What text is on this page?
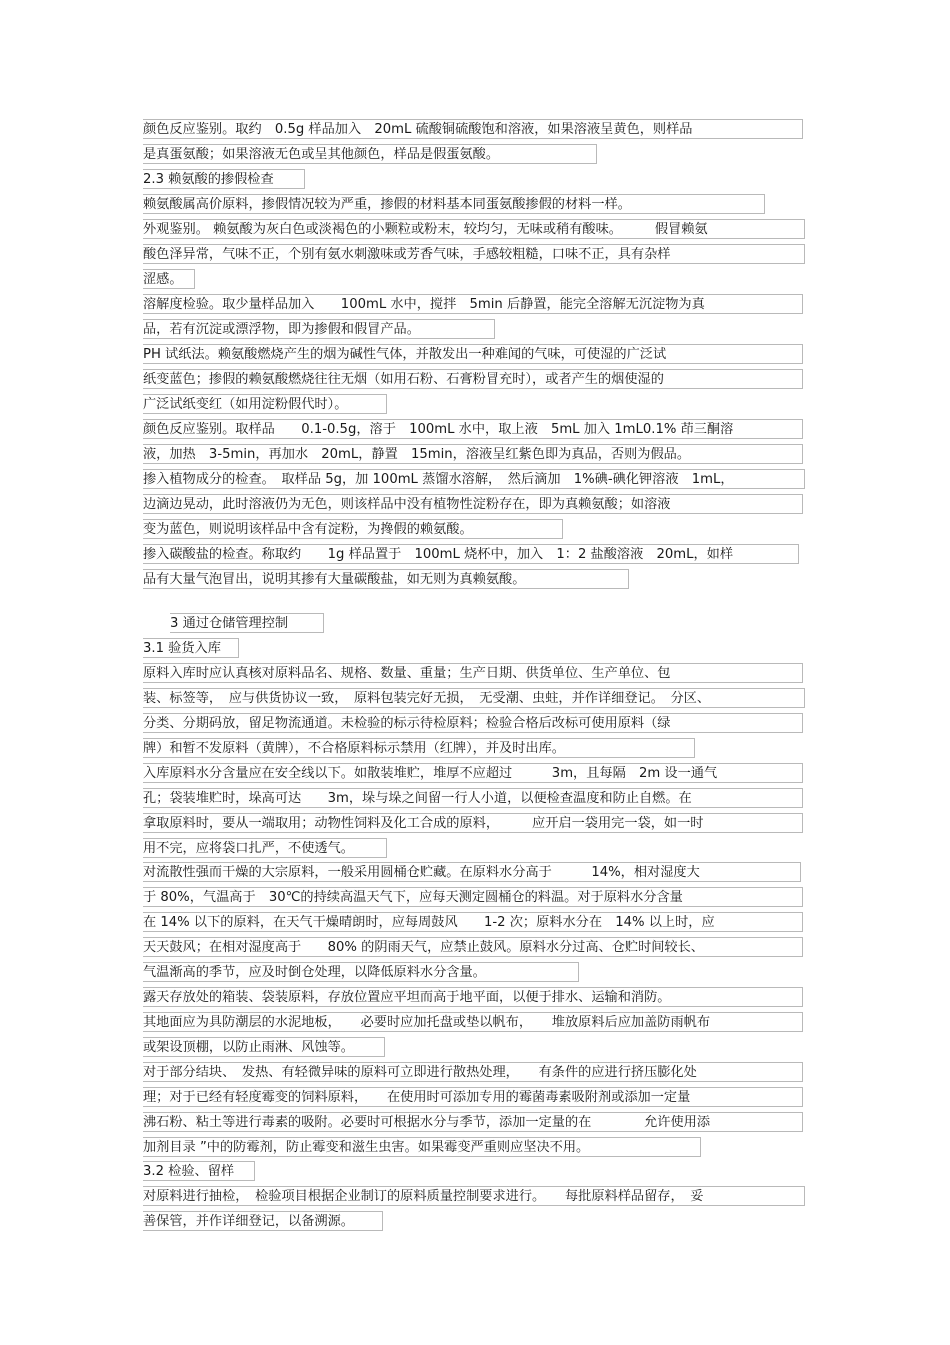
颜色反应鉴别。取约　0.5g 样品加入　20mL 硫酸铜硫酸饱和溶液，如果溶液呈黄色，则样品
是真蛋氨酸；如果溶液无色或呈其他颜色，样品是假蛋氨酸。
2.3 赖氨酸的掺假检查
赖氨酸属高价原料，掺假情况较为严重，掺假的材料基本同蛋氨酸掺假的材料一样。
外观鉴别。 赖氨酸为灰白色或淡褐色的小颗粒或粉末，较均匀，无味或稍有酸味。　　　假冒赖氨
酸色泽异常，气味不正，个别有氨水刺激味或芳香气味，手感较粗糙，口味不正，具有杂样
涩感。
溶解度检验。取少量样品加入　　100mL 水中，搅拌　5min 后静置，能完全溶解无沉淀物为真
品，若有沉淀或漂浮物，即为掺假和假冒产品。
PH 试纸法。赖氨酸燃烧产生的烟为碱性气体，并散发出一种难闻的气味，可使湿的广泛试
纸变蓝色；掺假的赖氨酸燃烧往往无烟（如用石粉、石膏粉冒充时），或者产生的烟使湿的
广泛试纸变红（如用淀粉假代时）。
颜色反应鉴别。取样品　　0.1-0.5g，溶于　100mL 水中，取上液　5mL 加入 1mL0.1% 茚三酮溶
液，加热　3-5min，再加水　20mL，静置　15min，溶液呈红紫色即为真品，否则为假品。
掺入植物成分的检查。　取样品 5g，加 100mL 蒸馏水溶解，　然后滴加　1%碘-碘化钾溶液　1mL，
边滴边晃动，此时溶液仍为无色，则该样品中没有植物性淀粉存在，即为真赖氨酸；如溶液
变为蓝色，则说明该样品中含有淀粉，为搀假的赖氨酸。
掺入碳酸盐的检查。称取约　　1g 样品置于　100mL 烧杯中，加入　1：2 盐酸溶液　20mL，如样
品有大量气泡冒出，说明其掺有大量碳酸盐，如无则为真赖氨酸。
3 通过仓储管理控制
3.1 验货入库
原料入库时应认真核对原料品名、规格、数量、重量；生产日期、供货单位、生产单位、包
装、标签等，　应与供货协议一致，　原料包装完好无损，　无受潮、虫蛀，并作详细登记。　分区、
分类、分期码放，留足物流通道。未检验的标示待检原料；检验合格后改标可使用原料（绿
牌）和暂不发原料（黄牌），不合格原料标示禁用（红牌），并及时出库。
入库原料水分含量应在安全线以下。如散装堆贮，堆厚不应超过　　　3m，且每隔　2m 设一通气
孔；袋装堆贮时，垛高可达　　3m，垛与垛之间留一行人小道，以便检查温度和防止自燃。在
拿取原料时，要从一端取用；动物性饲料及化工合成的原料，　　　应开启一袋用完一袋，如一时
用不完，应将袋口扎严，不使透气。
对流散性强而干燥的大宗原料，一般采用圆桶仓贮藏。在原料水分高于　　　14%，相对湿度大
于 80%，气温高于　30℃的持续高温天气下，应每天测定圆桶仓的料温。对于原料水分含量
在 14% 以下的原料，在天气干燥晴朗时，应每周鼓风　　1-2 次；原料水分在　14% 以上时，应
天天鼓风；在相对湿度高于　　80% 的阴雨天气，应禁止鼓风。原料水分过高、仓贮时间较长、
气温渐高的季节，应及时倒仓处理，以降低原料水分含量。
露天存放处的箱装、袋装原料，存放位置应平坦而高于地平面，以便于排水、运输和消防。
其地面应为具防潮层的水泥地板，　　必要时应加托盘或垫以帆布，　　堆放原料后应加盖防雨帆布
或架设顶棚，以防止雨淋、风蚀等。
对于部分结块、　发热、有轻微异味的原料可立即进行散热处理，　　有条件的应进行挤压膨化处
理；对于已经有轻度霉变的饲料原料，　　在使用时可添加专用的霉菌毒素吸附剂或添加一定量
沸石粉、粘土等进行毒素的吸附。必要时可根据水分与季节，添加一定量的在　　　　允许使用添
加剂目录 ”中的防霉剂，防止霉变和滋生虫害。如果霉变严重则应坚决不用。
3.2 检验、留样
对原料进行抽检，　检验项目根据企业制订的原料质量控制要求进行。　　每批原料样品留存，　妥
善保管，并作详细登记，以备溯源。
